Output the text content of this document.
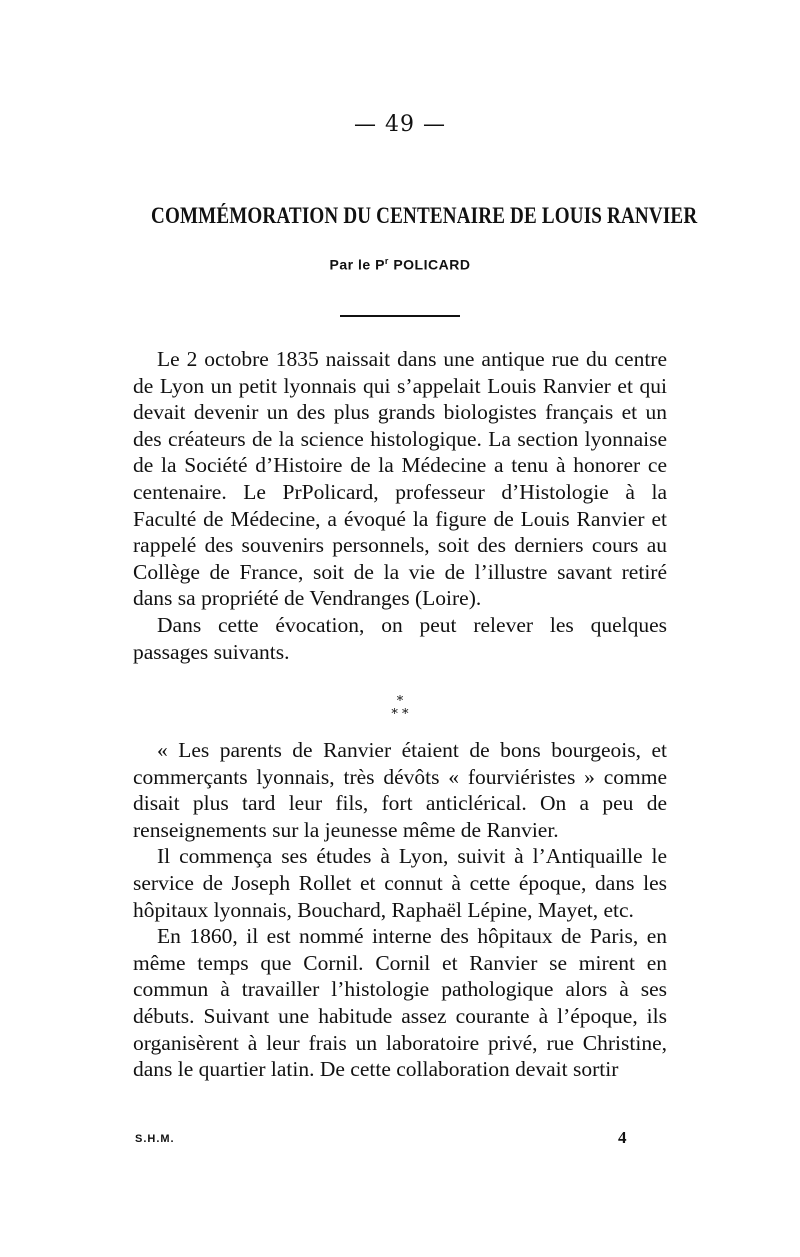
— 49 —
COMMÉMORATION DU CENTENAIRE DE LOUIS RANVIER
Par le $P^r$ POLICARD

Le 2 octobre 1835 naissait dans une antique rue du centre de Lyon un petit lyonnais qui s’appelait Louis Ranvier et qui devait devenir un des plus grands biologistes français et un des créateurs de la science histologique. La section lyonnaise de la Société d’Histoire de la Médecine a tenu à honorer ce centenaire. Le PrPolicard, professeur d’Histologie à la Faculté de Médecine, a évoqué la figure de Louis Ranvier et rappelé des souvenirs personnels, soit des derniers cours au Collège de France, soit de la vie de l’illustre savant retiré dans sa propriété de Vendranges (Loire).

Dans cette évocation, on peut relever les quelques passages suivants.

*
* *

« Les parents de Ranvier étaient de bons bourgeois, et commerçants lyonnais, très dévôts « fourviéristes » comme disait plus tard leur fils, fort anticlérical. On a peu de renseignements sur la jeunesse même de Ranvier.

Il commença ses études à Lyon, suivit à l’Antiquaille le service de Joseph Rollet et connut à cette époque, dans les hôpitaux lyonnais, Bouchard, Raphaël Lépine, Mayet, etc.

En 1860, il est nommé interne des hôpitaux de Paris, en même temps que Cornil. Cornil et Ranvier se mirent en commun à travailler l’histologie pathologique alors à ses débuts. Suivant une habitude assez courante à l’époque, ils organisèrent à leur frais un laboratoire privé, rue Christine, dans le quartier latin. De cette collaboration devait sortir

S.H.M.	4
